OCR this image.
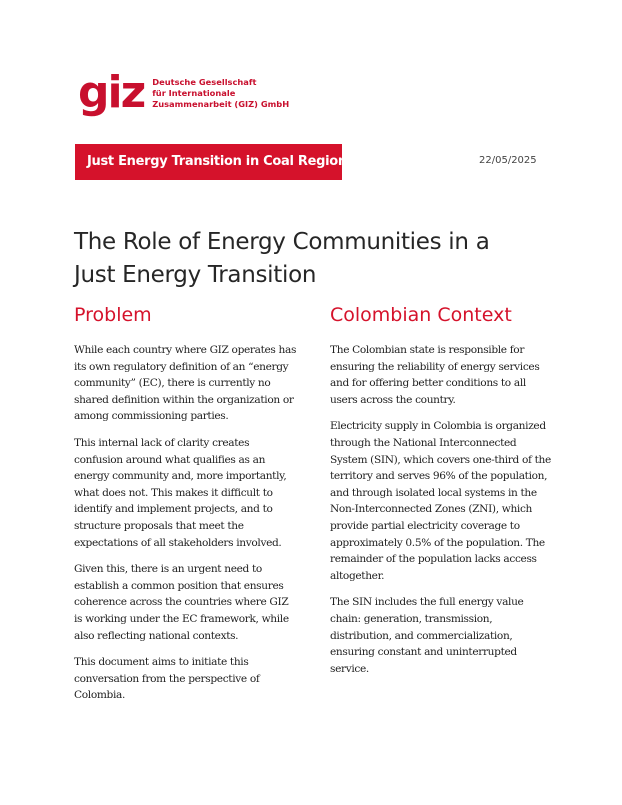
giz Deutsche Gesellschaft
für Internationale
Zusammenarbeit (GIZ) GmbH
Just Energy Transition in Coal Regions	22/05/2025
The Role of Energy Communities in a
Just Energy Transition
Problem

While each country where GIZ operates has its own regulatory definition of an “energy community” (EC), there is currently no shared definition within the organization or among commissioning parties.

This internal lack of clarity creates confusion around what qualifies as an energy community and, more importantly, what does not. This makes it difficult to identify and implement projects, and to structure proposals that meet the expectations of all stakeholders involved.

Given this, there is an urgent need to establish a common position that ensures coherence across the countries where GIZ is working under the EC framework, while also reflecting national contexts.

This document aims to initiate this conversation from the perspective of Colombia.

Colombian Context

The Colombian state is responsible for ensuring the reliability of energy services and for offering better conditions to all users across the country.

Electricity supply in Colombia is organized through the National Interconnected System (SIN), which covers one-third of the territory and serves 96% of the population, and through isolated local systems in the Non-Interconnected Zones (ZNI), which provide partial electricity coverage to approximately 0.5% of the population. The remainder of the population lacks access altogether.

The SIN includes the full energy value chain: generation, transmission, distribution, and commercialization, ensuring constant and uninterrupted service.
